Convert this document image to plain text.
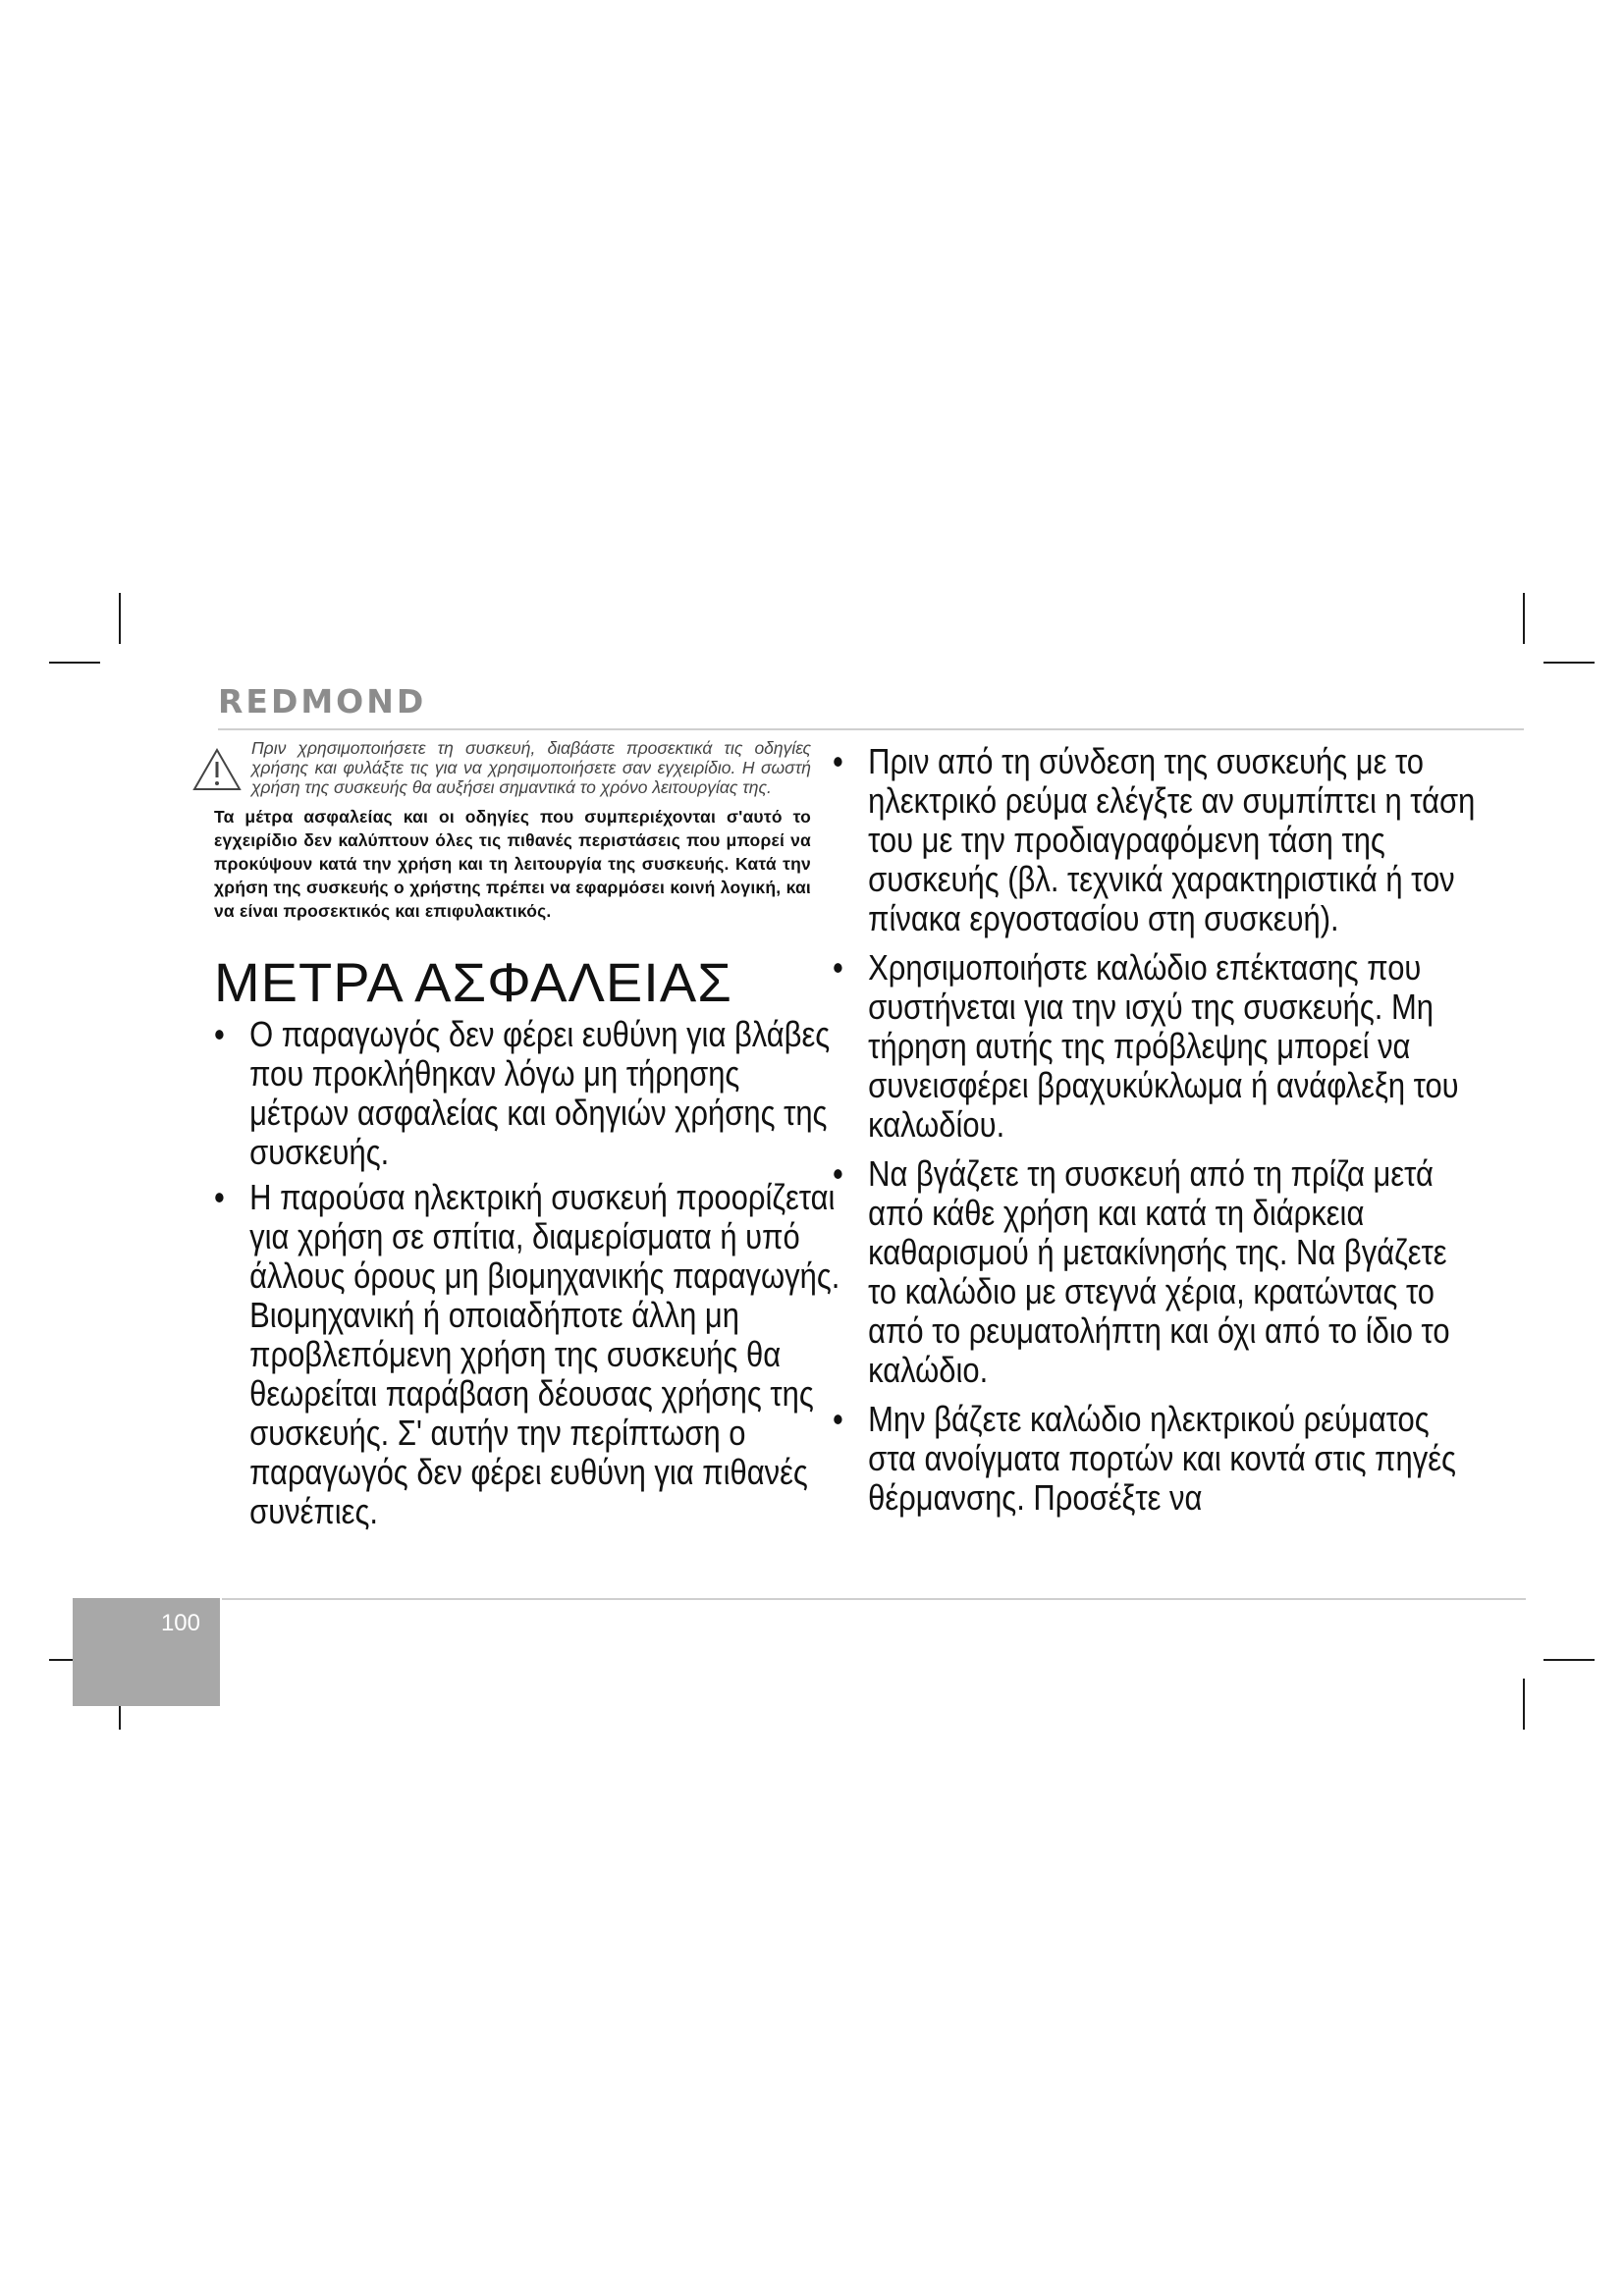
REDMOND

Πριν χρησιμοποιήσετε τη συσκευή, διαβάστε προσεκτικά τις οδηγίες χρήσης και φυλάξτε τις για να χρησιμοποιήσετε σαν εγχειρίδιο. Η σωστή χρήση της συσκευής θα αυξήσει σημαντικά το χρόνο λειτουργίας της.

Τα μέτρα ασφαλείας και οι οδηγίες που συμπεριέχονται σ'αυτό το εγχειρίδιο δεν καλύπτουν όλες τις πιθανές περιστάσεις που μπορεί να προκύψουν κατά την χρήση και τη λειτουργία της συσκευής. Κατά την χρήση της συσκευής ο χρήστης πρέπει να εφαρμόσει κοινή λογική, και να είναι προσεκτικός και επιφυλακτικός.
ΜΕΤΡΑ ΑΣΦΑΛΕΙΑΣ
• Ο παραγωγός δεν φέρει ευθύνη για βλάβες που προκλήθηκαν λόγω μη τήρησης μέτρων ασφαλείας και οδηγιών χρήσης της συσκευής.
• Η παρούσα ηλεκτρική συσκευή προορίζεται για χρήση σε σπίτια, διαμερίσματα ή υπό άλλους όρους μη βιομηχανικής παραγωγής. Βιομηχανική ή οποιαδήποτε άλλη μη προβλεπόμενη χρήση της συσκευής θα θεωρείται παράβαση δέουσας χρήσης της συσκευής. Σ' αυτήν την περίπτωση ο παραγωγός δεν φέρει ευθύνη για πιθανές συνέπιες.
• Πριν από τη σύνδεση της συσκευής με το ηλεκτρικό ρεύμα ελέγξτε αν συμπίπτει η τάση του με την προδιαγραφόμενη τάση της συσκευής (βλ. τεχνικά χαρακτηριστικά ή τον πίνακα εργοστασίου στη συσκευή).
• Χρησιμοποιήστε καλώδιο επέκτασης που συστήνεται για την ισχύ της συσκευής. Μη τήρηση αυτής της πρόβλεψης μπορεί να συνεισφέρει βραχυκύκλωμα ή ανάφλεξη του καλωδίου.
• Να βγάζετε τη συσκευή από τη πρίζα μετά από κάθε χρήση και κατά τη διάρκεια καθαρισμού ή μετακίνησής της. Να βγάζετε το καλώδιο με στεγνά χέρια, κρατώντας το από το ρευματολήπτη και όχι από το ίδιο το καλώδιο.
• Μην βάζετε καλώδιο ηλεκτρικού ρεύματος στα ανοίγματα πορτών και κοντά στις πηγές θέρμανσης. Προσέξτε να
100
